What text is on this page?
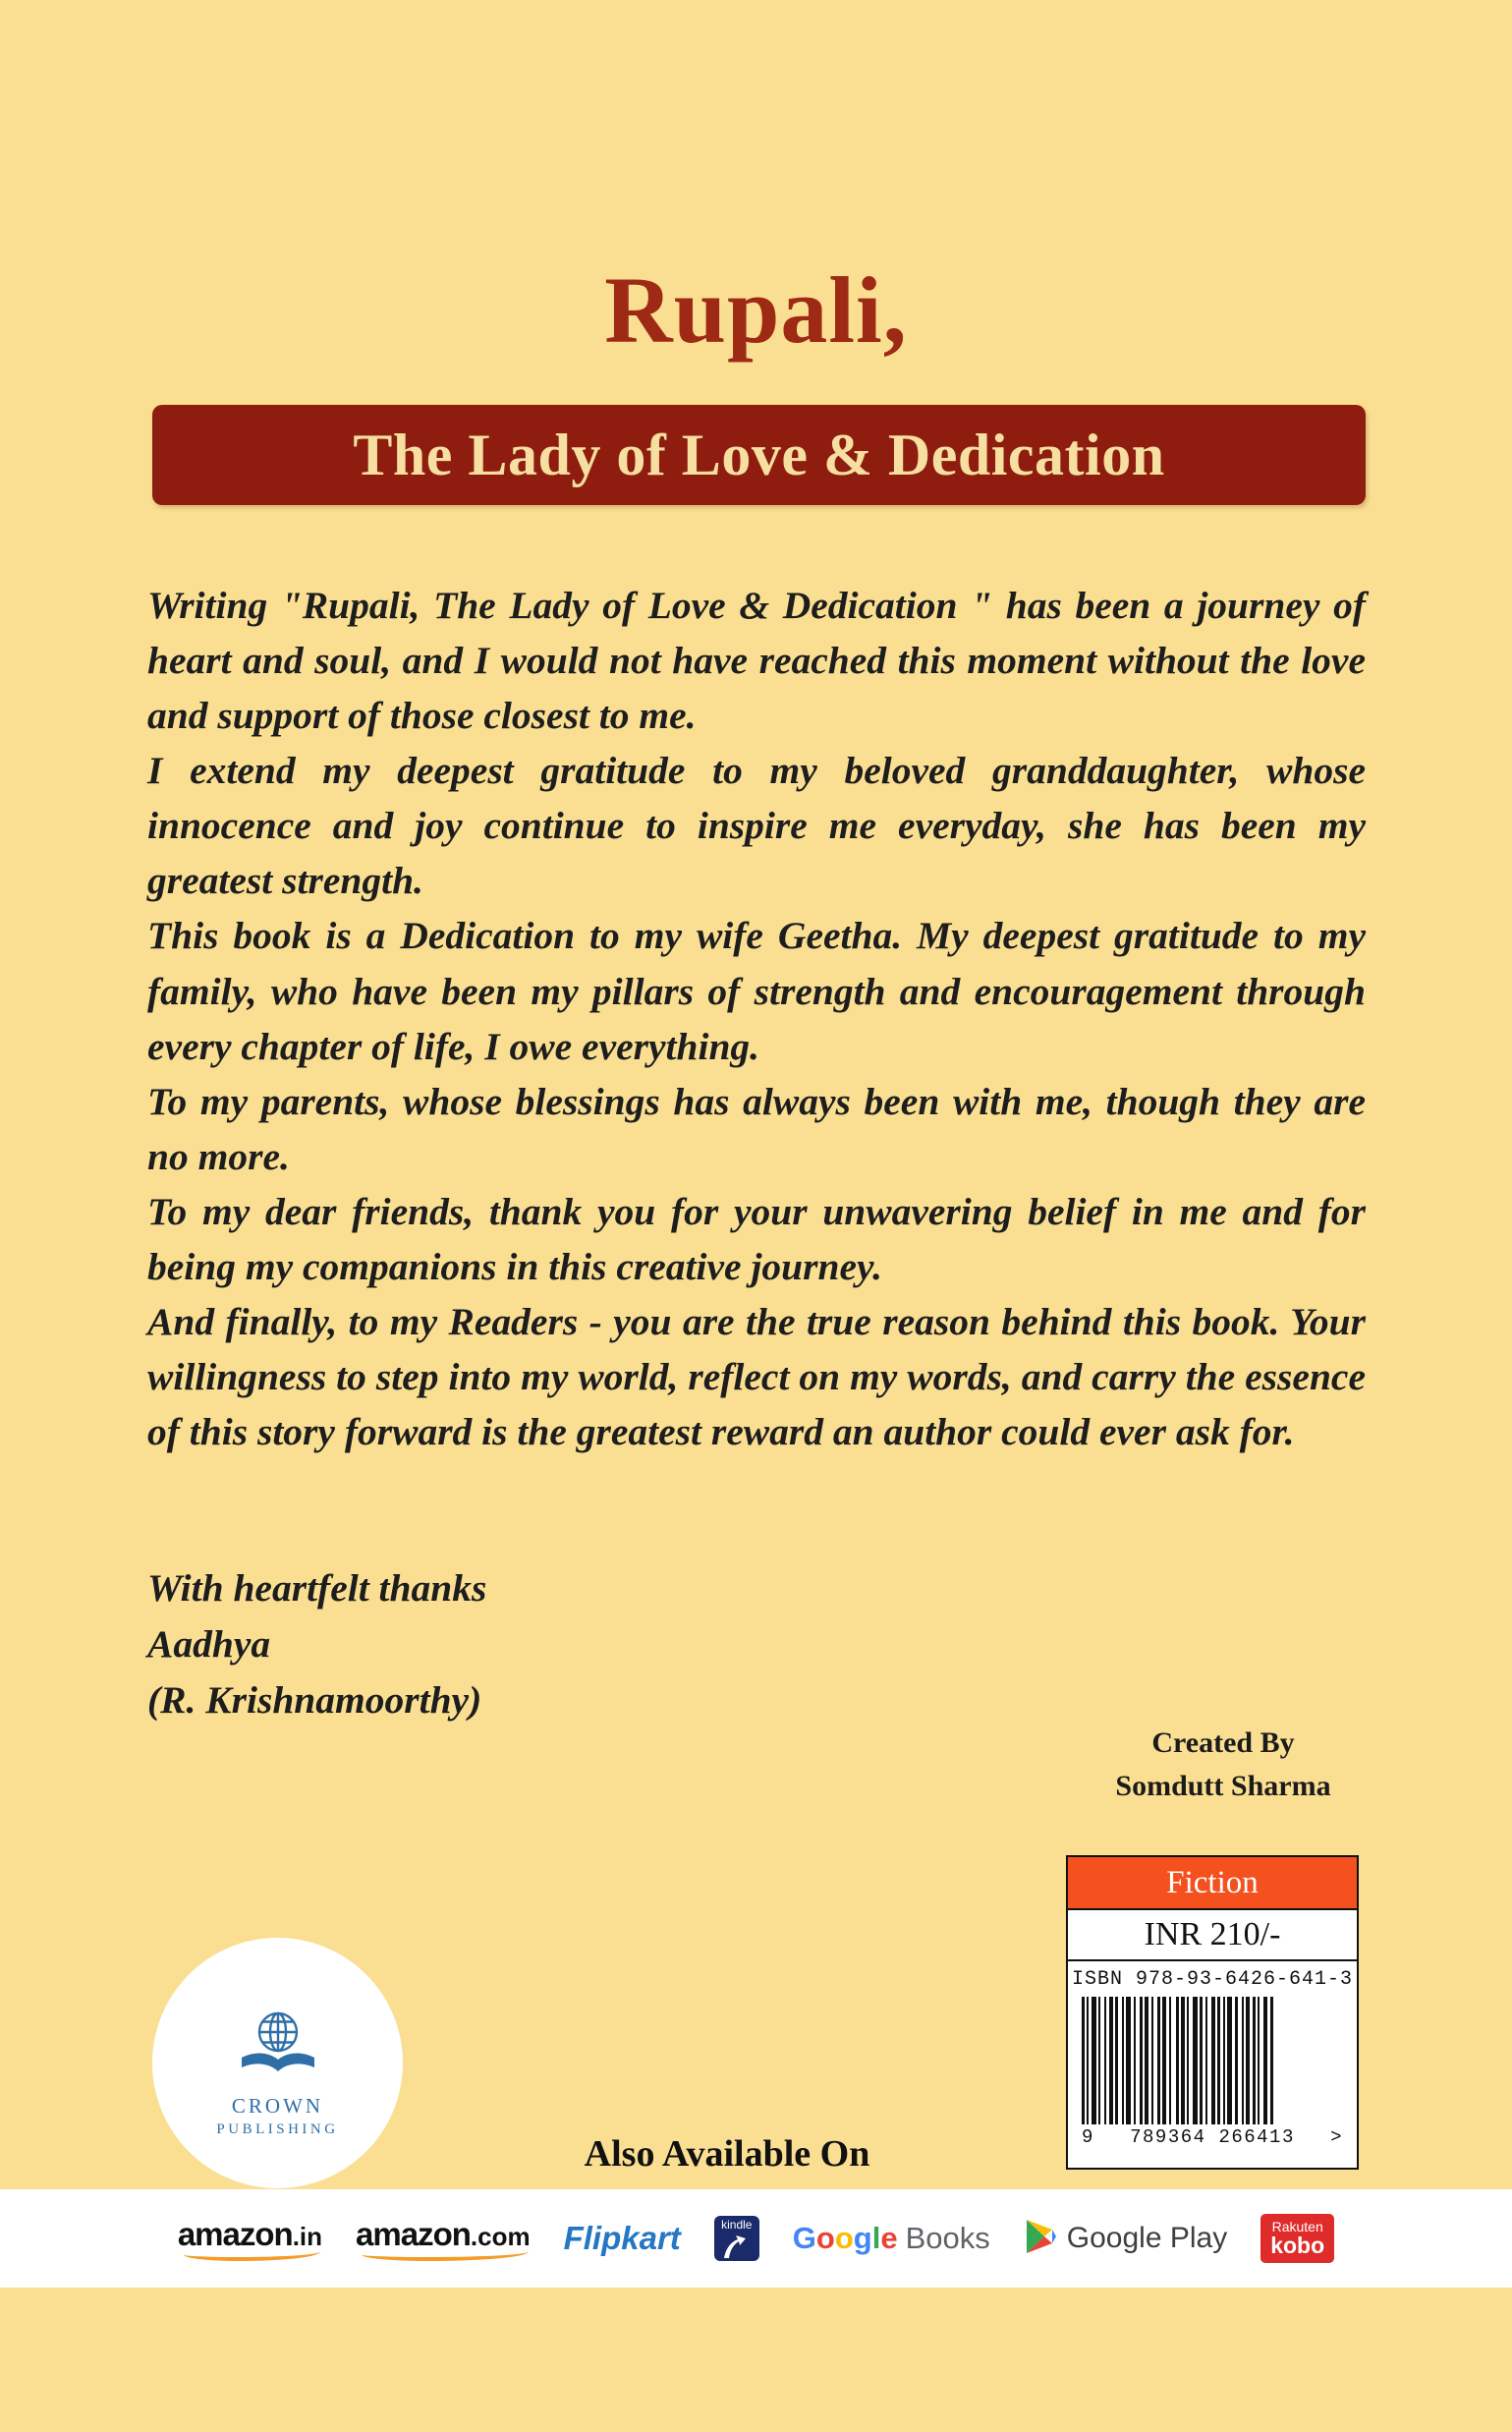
Rupali,
The Lady of Love & Dedication

Writing "Rupali, The Lady of Love & Dedication " has been a journey of heart and soul, and I would not have reached this moment without the love and support of those closest to me.

I extend my deepest gratitude to my beloved granddaughter, whose innocence and joy continue to inspire me everyday, she has been my greatest strength.

This book is a Dedication to my wife Geetha. My deepest gratitude to my family, who have been my pillars of strength and encouragement through every chapter of life, I owe everything.

To my parents, whose blessings has always been with me, though they are no more.

To my dear friends, thank you for your unwavering belief in me and for being my companions in this creative journey.

And finally, to my Readers - you are the true reason behind this book. Your willingness to step into my world, reflect on my words, and carry the essence of this story forward is the greatest reward an author could ever ask for.

With heartfelt thanks
Aadhya
(R. Krishnamoorthy)
Created By
Somdutt Sharma
Fiction
INR 210/-
ISBN 978-93-6426-641-3
9 789364 266413 >
CROWN
PUBLISHING
Also Available On
amazon.in amazon.com Flipkart	kindle Google Books	Google Play	Rakuten
kobo
